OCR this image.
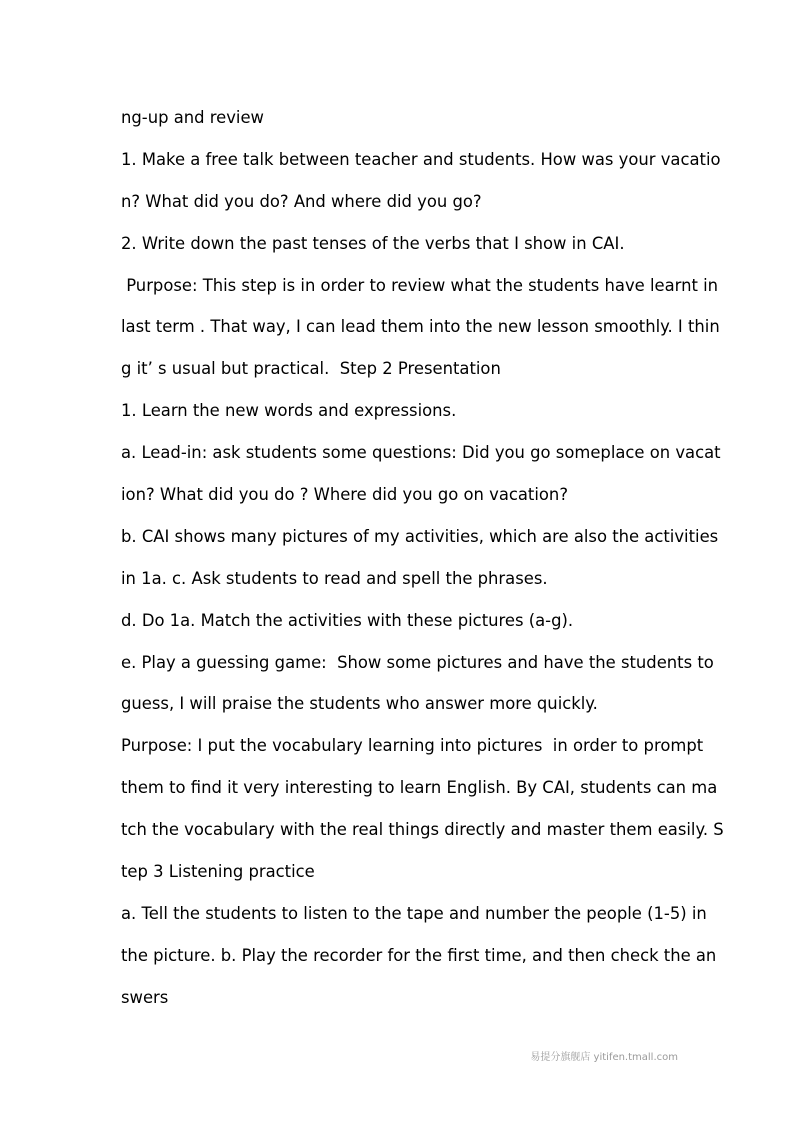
ng-up and review
1. Make a free talk between teacher and students. How was your vacatio
n? What did you do? And where did you go?
2. Write down the past tenses of the verbs that I show in CAI.
Purpose: This step is in order to review what the students have learnt in
last term . That way, I can lead them into the new lesson smoothly. I thin
g it’ s usual but practical.  Step 2 Presentation
1. Learn the new words and expressions.
a. Lead-in: ask students some questions: Did you go someplace on vacat
ion? What did you do ? Where did you go on vacation?
b. CAI shows many pictures of my activities, which are also the activities
in 1a. c. Ask students to read and spell the phrases.
d. Do 1a. Match the activities with these pictures (a-g).
e. Play a guessing game:  Show some pictures and have the students to
guess, I will praise the students who answer more quickly.
Purpose: I put the vocabulary learning into pictures  in order to prompt
them to find it very interesting to learn English. By CAI, students can ma
tch the vocabulary with the real things directly and master them easily. S
tep 3 Listening practice
a. Tell the students to listen to the tape and number the people (1-5) in
the picture. b. Play the recorder for the first time, and then check the an
swers
易提分旗舰店 yitifen.tmall.com
